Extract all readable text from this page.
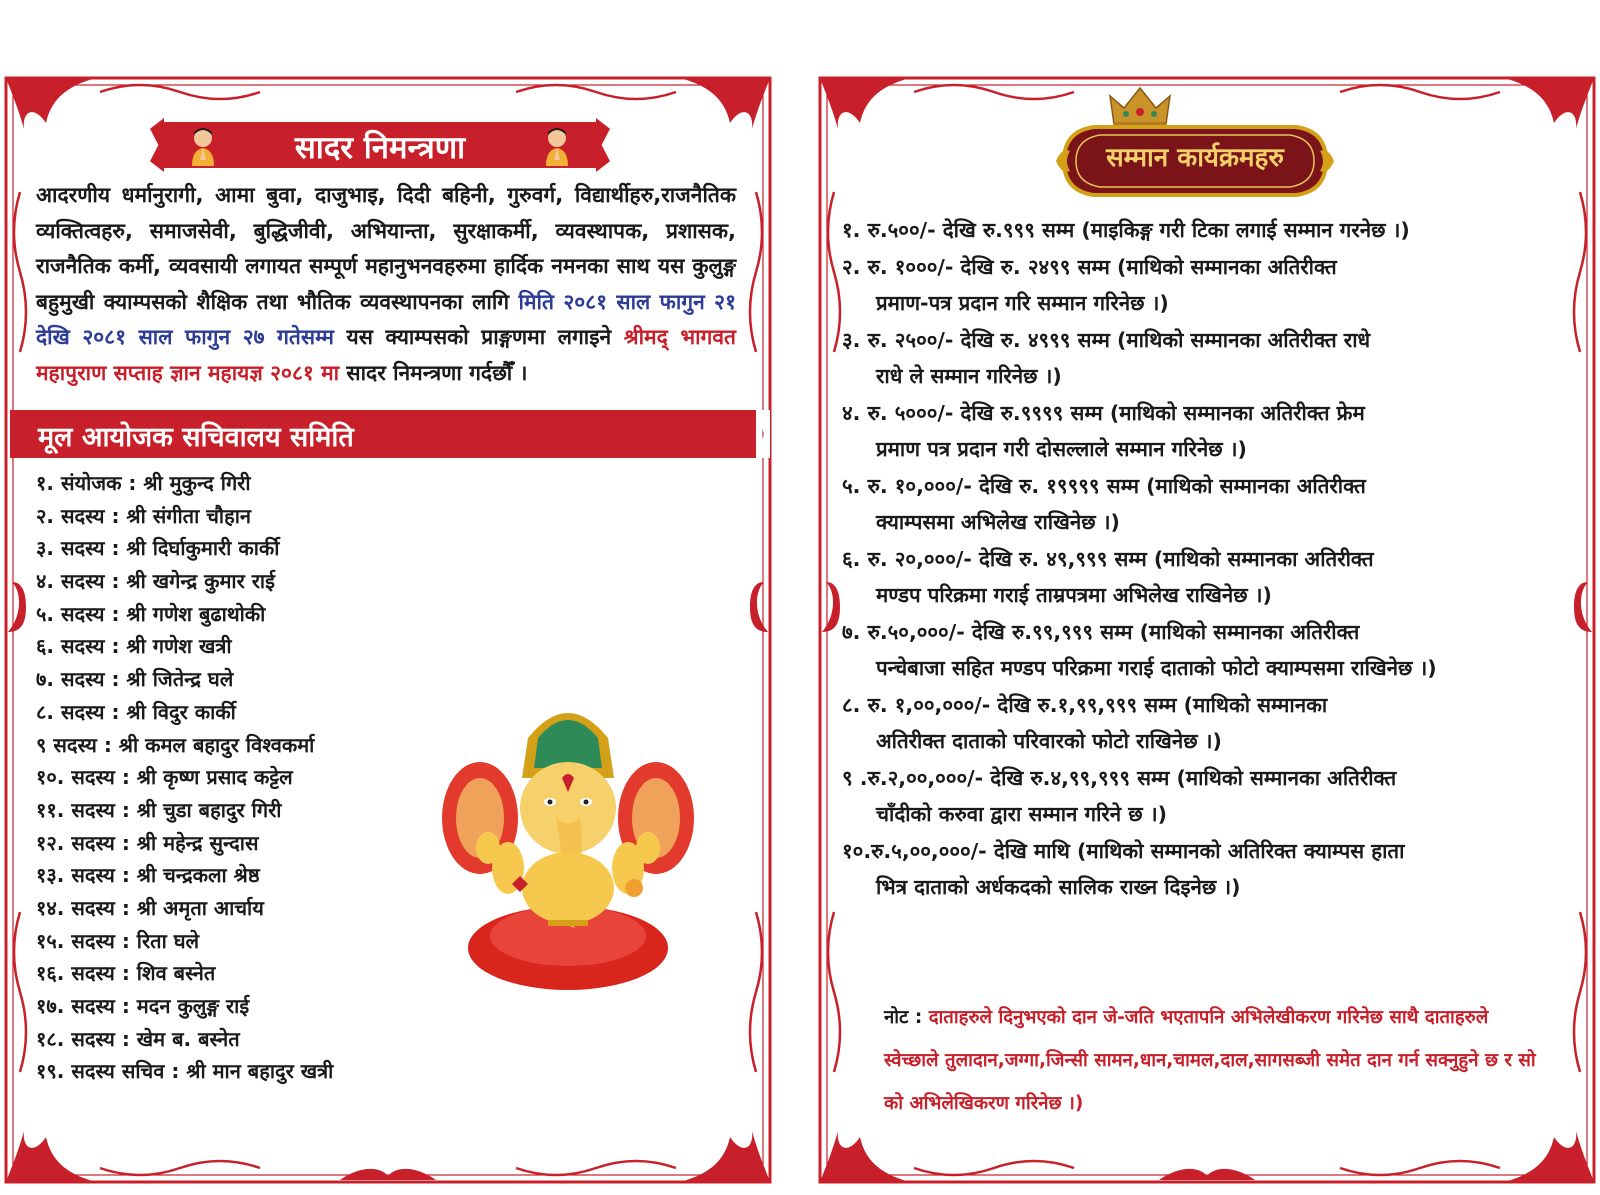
सादर निमन्त्रणा
आदरणीय धर्मानुरागी, आमा बुवा, दाजुभाइ, दिदी बहिनी, गुरुवर्ग, विद्यार्थीहरु,राजनैतिक व्यक्तित्वहरु, समाजसेवी, बुद्धिजीवी, अभियान्ता, सुरक्षाकर्मी, व्यवस्थापक, प्रशासक, राजनैतिक कर्मी, व्यवसायी लगायत सम्पूर्ण महानुभनवहरुमा हार्दिक नमनका साथ यस कुलुङ्ग बहुमुखी क्याम्पसको शैक्षिक तथा भौतिक व्यवस्थापनका लागि मिति २०८१ साल फागुन २१ देखि २०८१ साल फागुन २७ गतेसम्म यस क्याम्पसको प्राङ्गणमा लगाइने श्रीमद् भागवत महापुराण सप्ताह ज्ञान महायज्ञ २०८१ मा सादर निमन्त्रणा गर्दछौँ ।
मूल आयोजक सचिवालय समिति
१. संयोजक : श्री मुकुन्द गिरी
२. सदस्य : श्री संगीता चौहान
३. सदस्य : श्री दिर्घाकुमारी कार्की
४. सदस्य : श्री खगेन्द्र कुमार राई
५. सदस्य : श्री गणेश बुढाथोकी
६. सदस्य : श्री गणेश खत्री
७. सदस्य : श्री जितेन्द्र घले
८. सदस्य : श्री विदुर कार्की
९ सदस्य : श्री कमल बहादुर विश्वकर्मा
१०. सदस्य : श्री कृष्ण प्रसाद कट्टेल
११. सदस्य : श्री चुडा बहादुर गिरी
१२. सदस्य : श्री महेन्द्र सुन्दास
१३. सदस्य : श्री चन्द्रकला श्रेष्ठ
१४. सदस्य : श्री अमृता आर्चाय
१५. सदस्य : रिता घले
१६. सदस्य : शिव बस्नेत
१७. सदस्य : मदन कुलुङ्ग राई
१८. सदस्य : खेम ब. बस्नेत
१९. सदस्य सचिव : श्री मान बहादुर खत्री
सम्मान कार्यक्रमहरु
१. रु.५००/- देखि रु.९९९ सम्म (माइकिङ्ग गरी टिका लगाई सम्मान गरनेछ ।)
२. रु. १०००/- देखि रु. २४९९ सम्म (माथिको सम्मानका अतिरीक्त
प्रमाण-पत्र प्रदान गरि सम्मान गरिनेछ ।)
३. रु. २५००/- देखि रु. ४९९९ सम्म (माथिको सम्मानका अतिरीक्त राधे
राधे ले सम्मान गरिनेछ ।)
४. रु. ५०००/- देखि रु.९९९९ सम्म (माथिको सम्मानका अतिरीक्त फ्रेम
प्रमाण पत्र प्रदान गरी दोसल्लाले सम्मान गरिनेछ ।)
५. रु. १०,०००/- देखि रु. १९९९९ सम्म (माथिको सम्मानका अतिरीक्त
क्याम्पसमा अभिलेख राखिनेछ ।)
६. रु. २०,०००/- देखि रु. ४९,९९९ सम्म (माथिको सम्मानका अतिरीक्त
मण्डप परिक्रमा गराई ताम्रपत्रमा अभिलेख राखिनेछ ।)
७. रु.५०,०००/- देखि रु.९९,९९९ सम्म (माथिको सम्मानका अतिरीक्त
पन्चेबाजा सहित मण्डप परिक्रमा गराई दाताको फोटो क्याम्पसमा राखिनेछ ।)
८. रु. १,००,०००/- देखि रु.१,९९,९९९ सम्म (माथिको सम्मानका
अतिरीक्त दाताको परिवारको फोटो राखिनेछ ।)
९ .रु.२,००,०००/- देखि रु.४,९९,९९९ सम्म (माथिको सम्मानका अतिरीक्त
चाँदीको करुवा द्वारा सम्मान गरिने छ ।)
१०.रु.५,००,०००/- देखि माथि (माथिको सम्मानको अतिरिक्त क्याम्पस हाता
भित्र दाताको अर्धकदको सालिक राख्न दिइनेछ ।)
नोट : दाताहरुले दिनुभएको दान जे-जति भएतापनि अभिलेखीकरण गरिनेछ साथै दाताहरुले स्वेच्छाले तुलादान,जग्गा,जिन्सी सामन,धान,चामल,दाल,सागसब्जी समेत दान गर्न सक्नुहुने छ र सो को अभिलेखिकरण गरिनेछ ।)
